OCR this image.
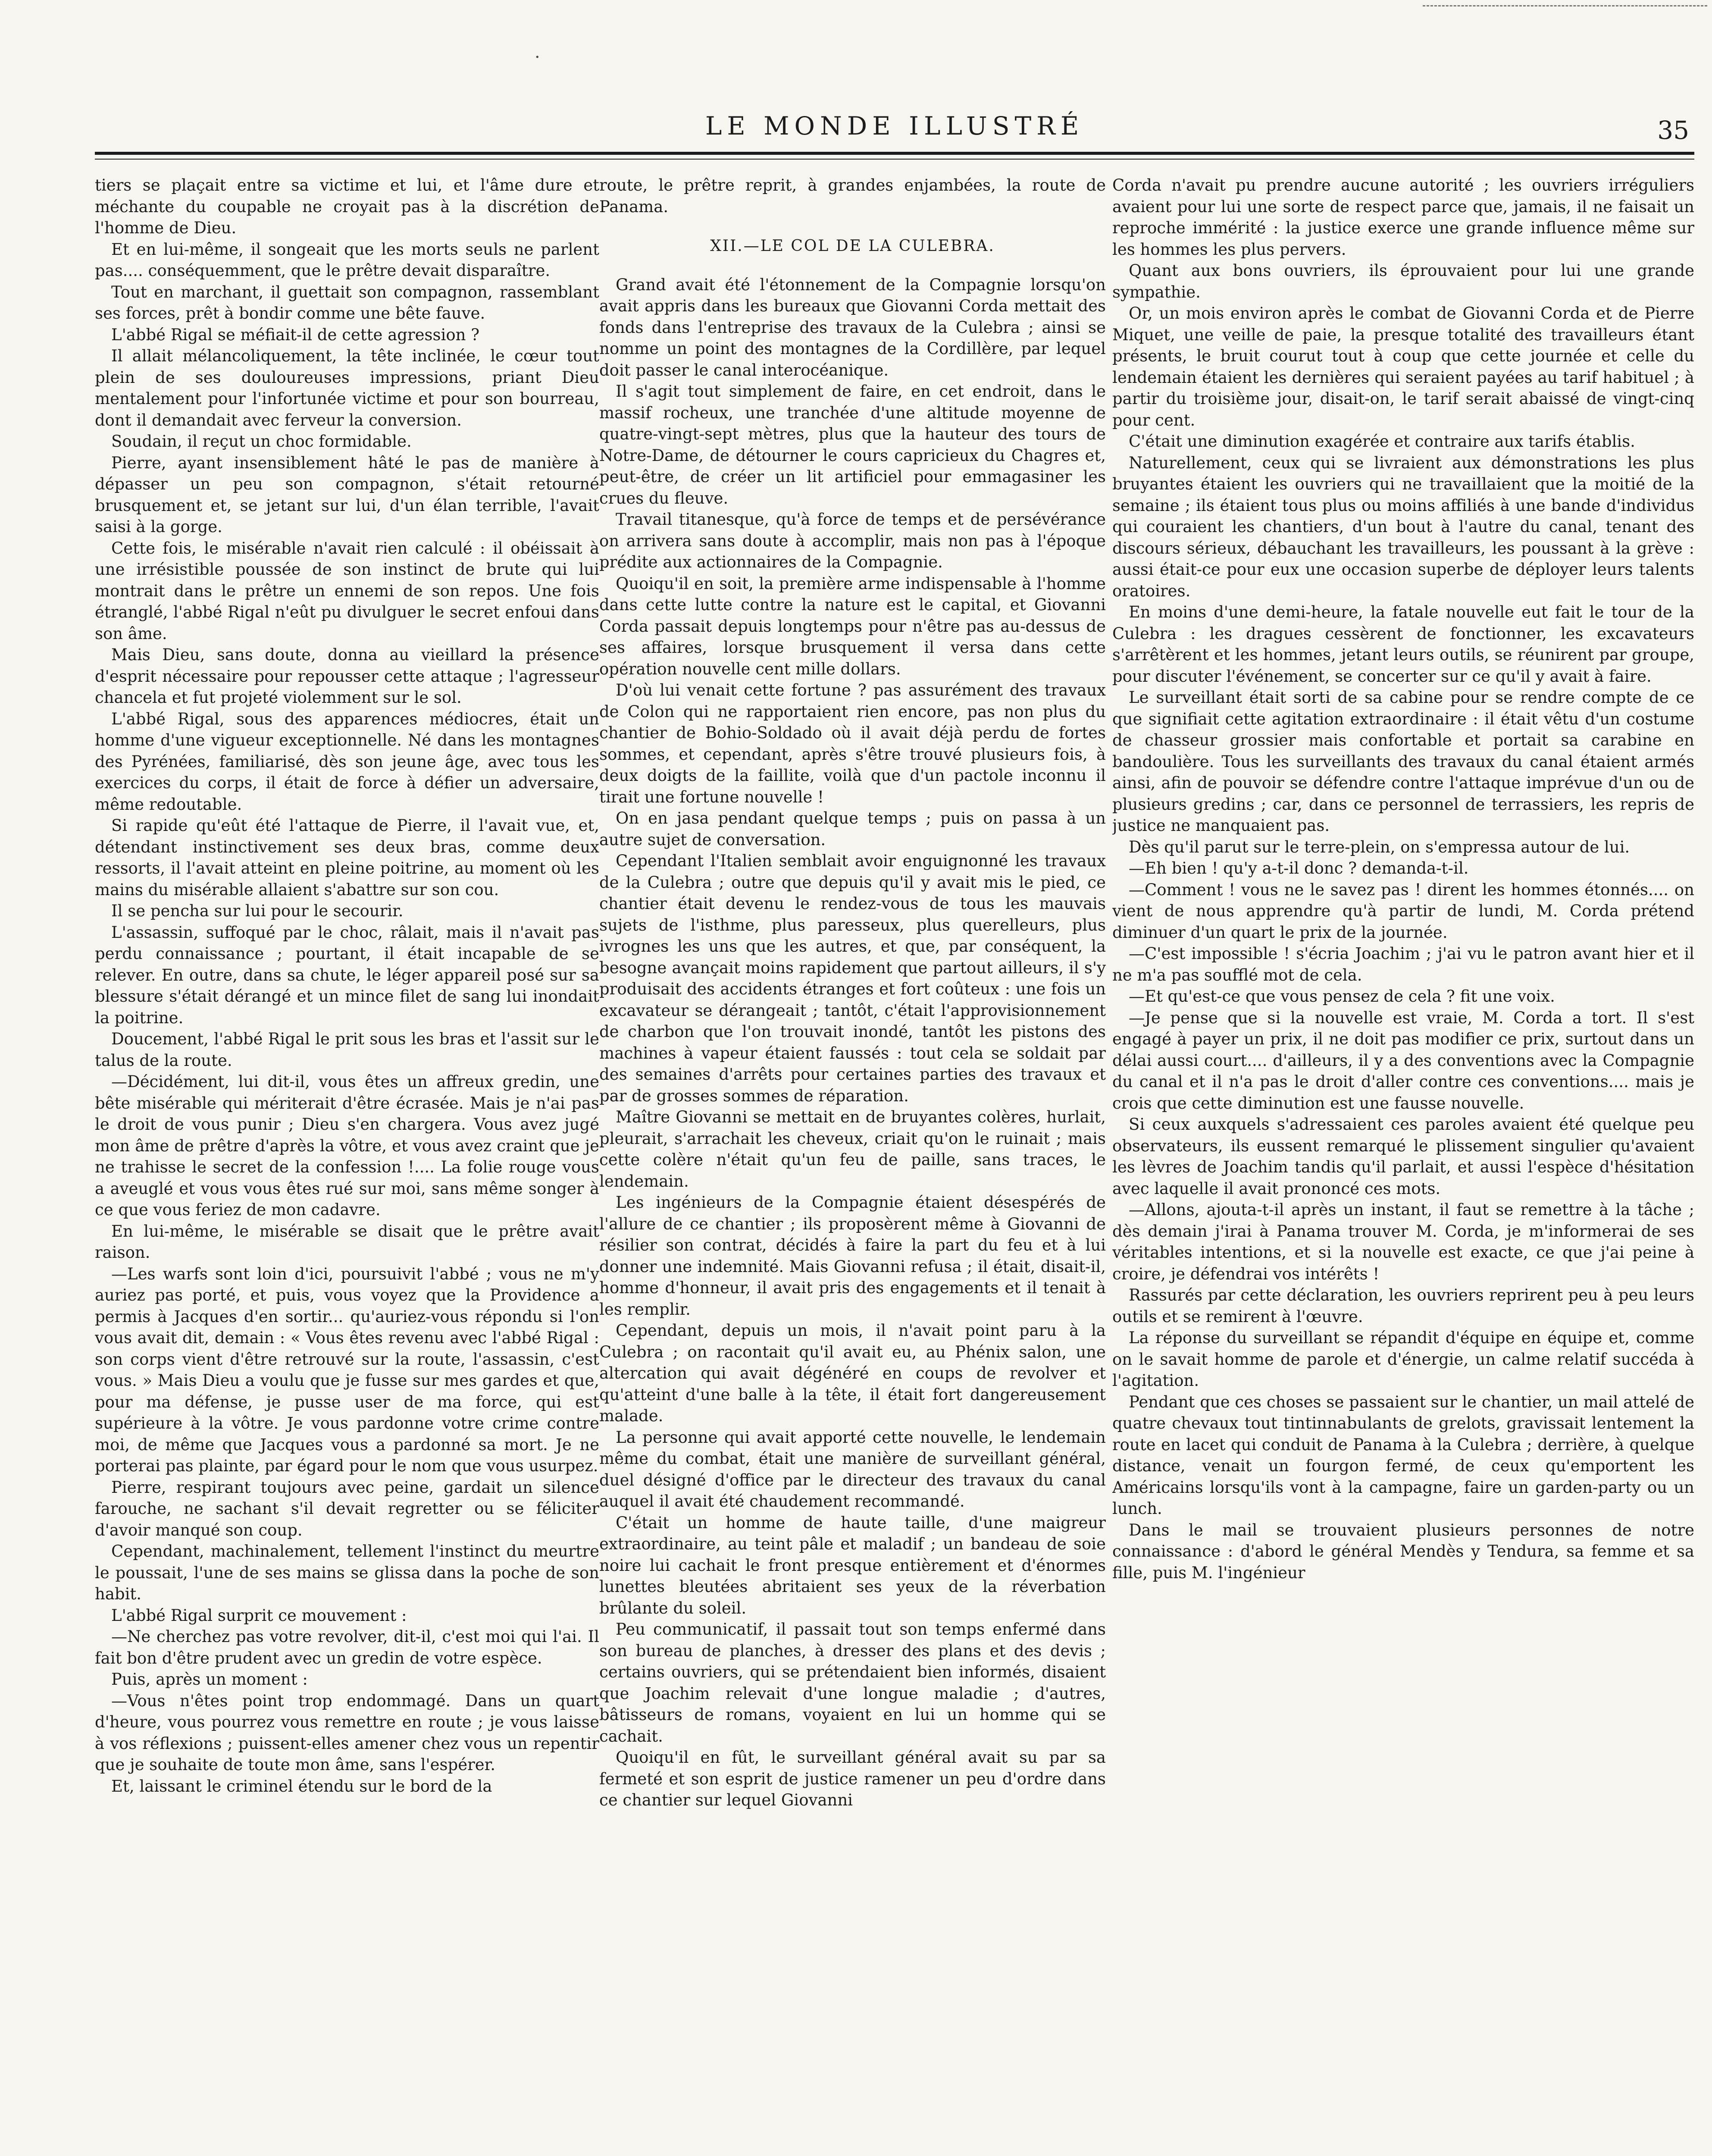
·
LE MONDE ILLUSTRÉ	35

tiers se plaçait entre sa victime et lui, et l'âme dure et méchante du coupable ne croyait pas à la discrétion de l'homme de Dieu.

Et en lui-même, il songeait que les morts seuls ne parlent pas.... conséquemment, que le prêtre devait disparaître.

Tout en marchant, il guettait son compagnon, rassemblant ses forces, prêt à bondir comme une bête fauve.

L'abbé Rigal se méfiait-il de cette agression ?

Il allait mélancoliquement, la tête inclinée, le cœur tout plein de ses douloureuses impressions, priant Dieu mentalement pour l'infortunée victime et pour son bourreau, dont il demandait avec ferveur la conversion.

Soudain, il reçut un choc formidable.

Pierre, ayant insensiblement hâté le pas de manière à dépasser un peu son compagnon, s'était retourné brusquement et, se jetant sur lui, d'un élan terrible, l'avait saisi à la gorge.

Cette fois, le misérable n'avait rien calculé : il obéissait à une irrésistible poussée de son instinct de brute qui lui montrait dans le prêtre un ennemi de son repos. Une fois étranglé, l'abbé Rigal n'eût pu divulguer le secret enfoui dans son âme.

Mais Dieu, sans doute, donna au vieillard la présence d'esprit nécessaire pour repousser cette attaque ; l'agresseur chancela et fut projeté violemment sur le sol.

L'abbé Rigal, sous des apparences médiocres, était un homme d'une vigueur exceptionnelle. Né dans les montagnes des Pyrénées, familiarisé, dès son jeune âge, avec tous les exercices du corps, il était de force à défier un adversaire, même redoutable.

Si rapide qu'eût été l'attaque de Pierre, il l'avait vue, et, détendant instinctivement ses deux bras, comme deux ressorts, il l'avait atteint en pleine poitrine, au moment où les mains du misérable allaient s'abattre sur son cou.

Il se pencha sur lui pour le secourir.

L'assassin, suffoqué par le choc, râlait, mais il n'avait pas perdu connaissance ; pourtant, il était incapable de se relever. En outre, dans sa chute, le léger appareil posé sur sa blessure s'était dérangé et un mince filet de sang lui inondait la poitrine.

Doucement, l'abbé Rigal le prit sous les bras et l'assit sur le talus de la route.

—Décidément, lui dit-il, vous êtes un affreux gredin, une bête misérable qui mériterait d'être écrasée. Mais je n'ai pas le droit de vous punir ; Dieu s'en chargera. Vous avez jugé mon âme de prêtre d'après la vôtre, et vous avez craint que je ne trahisse le secret de la confession !.... La folie rouge vous a aveuglé et vous vous êtes rué sur moi, sans même songer à ce que vous feriez de mon cadavre.

En lui-même, le misérable se disait que le prêtre avait raison.

—Les warfs sont loin d'ici, poursuivit l'abbé ; vous ne m'y auriez pas porté, et puis, vous voyez que la Providence a permis à Jacques d'en sortir... qu'auriez-vous répondu si l'on vous avait dit, demain : « Vous êtes revenu avec l'abbé Rigal : son corps vient d'être retrouvé sur la route, l'assassin, c'est vous. » Mais Dieu a voulu que je fusse sur mes gardes et que, pour ma défense, je pusse user de ma force, qui est supérieure à la vôtre. Je vous pardonne votre crime contre moi, de même que Jacques vous a pardonné sa mort. Je ne porterai pas plainte, par égard pour le nom que vous usurpez.

Pierre, respirant toujours avec peine, gardait un silence farouche, ne sachant s'il devait regretter ou se féliciter d'avoir manqué son coup.

Cependant, machinalement, tellement l'instinct du meurtre le poussait, l'une de ses mains se glissa dans la poche de son habit.

L'abbé Rigal surprit ce mouvement :

—Ne cherchez pas votre revolver, dit-il, c'est moi qui l'ai. Il fait bon d'être prudent avec un gredin de votre espèce.

Puis, après un moment :

—Vous n'êtes point trop endommagé. Dans un quart d'heure, vous pourrez vous remettre en route ; je vous laisse à vos réflexions ; puissent-elles amener chez vous un repentir que je souhaite de toute mon âme, sans l'espérer.

Et, laissant le criminel étendu sur le bord de la

route, le prêtre reprit, à grandes enjambées, la route de Panama.

XII.—LE COL DE LA CULEBRA.

Grand avait été l'étonnement de la Compagnie lorsqu'on avait appris dans les bureaux que Giovanni Corda mettait des fonds dans l'entreprise des travaux de la Culebra ; ainsi se nomme un point des montagnes de la Cordillère, par lequel doit passer le canal interocéanique.

Il s'agit tout simplement de faire, en cet endroit, dans le massif rocheux, une tranchée d'une altitude moyenne de quatre-vingt-sept mètres, plus que la hauteur des tours de Notre-Dame, de détourner le cours capricieux du Chagres et, peut-être, de créer un lit artificiel pour emmagasiner les crues du fleuve.

Travail titanesque, qu'à force de temps et de persévérance on arrivera sans doute à accomplir, mais non pas à l'époque prédite aux actionnaires de la Compagnie.

Quoiqu'il en soit, la première arme indispensable à l'homme dans cette lutte contre la nature est le capital, et Giovanni Corda passait depuis longtemps pour n'être pas au-dessus de ses affaires, lorsque brusquement il versa dans cette opération nouvelle cent mille dollars.

D'où lui venait cette fortune ? pas assurément des travaux de Colon qui ne rapportaient rien encore, pas non plus du chantier de Bohio-Soldado où il avait déjà perdu de fortes sommes, et cependant, après s'être trouvé plusieurs fois, à deux doigts de la faillite, voilà que d'un pactole inconnu il tirait une fortune nouvelle !

On en jasa pendant quelque temps ; puis on passa à un autre sujet de conversation.

Cependant l'Italien semblait avoir enguignonné les travaux de la Culebra ; outre que depuis qu'il y avait mis le pied, ce chantier était devenu le rendez-vous de tous les mauvais sujets de l'isthme, plus paresseux, plus querelleurs, plus ivrognes les uns que les autres, et que, par conséquent, la besogne avançait moins rapidement que partout ailleurs, il s'y produisait des accidents étranges et fort coûteux : une fois un excavateur se dérangeait ; tantôt, c'était l'approvisionnement de charbon que l'on trouvait inondé, tantôt les pistons des machines à vapeur étaient faussés : tout cela se soldait par des semaines d'arrêts pour certaines parties des travaux et par de grosses sommes de réparation.

Maître Giovanni se mettait en de bruyantes colères, hurlait, pleurait, s'arrachait les cheveux, criait qu'on le ruinait ; mais cette colère n'était qu'un feu de paille, sans traces, le lendemain.

Les ingénieurs de la Compagnie étaient désespérés de l'allure de ce chantier ; ils proposèrent même à Giovanni de résilier son contrat, décidés à faire la part du feu et à lui donner une indemnité. Mais Giovanni refusa ; il était, disait-il, homme d'honneur, il avait pris des engagements et il tenait à les remplir.

Cependant, depuis un mois, il n'avait point paru à la Culebra ; on racontait qu'il avait eu, au Phénix salon, une altercation qui avait dégénéré en coups de revolver et qu'atteint d'une balle à la tête, il était fort dangereusement malade.

La personne qui avait apporté cette nouvelle, le lendemain même du combat, était une manière de surveillant général, duel désigné d'office par le directeur des travaux du canal auquel il avait été chaudement recommandé.

C'était un homme de haute taille, d'une maigreur extraordinaire, au teint pâle et maladif ; un bandeau de soie noire lui cachait le front presque entièrement et d'énormes lunettes bleutées abritaient ses yeux de la réverbation brûlante du soleil.

Peu communicatif, il passait tout son temps enfermé dans son bureau de planches, à dresser des plans et des devis ; certains ouvriers, qui se prétendaient bien informés, disaient que Joachim relevait d'une longue maladie ; d'autres, bâtisseurs de romans, voyaient en lui un homme qui se cachait.

Quoiqu'il en fût, le surveillant général avait su par sa fermeté et son esprit de justice ramener un peu d'ordre dans ce chantier sur lequel Giovanni

Corda n'avait pu prendre aucune autorité ; les ouvriers irréguliers avaient pour lui une sorte de respect parce que, jamais, il ne faisait un reproche immérité : la justice exerce une grande influence même sur les hommes les plus pervers.

Quant aux bons ouvriers, ils éprouvaient pour lui une grande sympathie.

Or, un mois environ après le combat de Giovanni Corda et de Pierre Miquet, une veille de paie, la presque totalité des travailleurs étant présents, le bruit courut tout à coup que cette journée et celle du lendemain étaient les dernières qui seraient payées au tarif habituel ; à partir du troisième jour, disait-on, le tarif serait abaissé de vingt-cinq pour cent.

C'était une diminution exagérée et contraire aux tarifs établis.

Naturellement, ceux qui se livraient aux démonstrations les plus bruyantes étaient les ouvriers qui ne travaillaient que la moitié de la semaine ; ils étaient tous plus ou moins affiliés à une bande d'individus qui couraient les chantiers, d'un bout à l'autre du canal, tenant des discours sérieux, débauchant les travailleurs, les poussant à la grève : aussi était-ce pour eux une occasion superbe de déployer leurs talents oratoires.

En moins d'une demi-heure, la fatale nouvelle eut fait le tour de la Culebra : les dragues cessèrent de fonctionner, les excavateurs s'arrêtèrent et les hommes, jetant leurs outils, se réunirent par groupe, pour discuter l'événement, se concerter sur ce qu'il y avait à faire.

Le surveillant était sorti de sa cabine pour se rendre compte de ce que signifiait cette agitation extraordinaire : il était vêtu d'un costume de chasseur grossier mais confortable et portait sa carabine en bandoulière. Tous les surveillants des travaux du canal étaient armés ainsi, afin de pouvoir se défendre contre l'attaque imprévue d'un ou de plusieurs gredins ; car, dans ce personnel de terrassiers, les repris de justice ne manquaient pas.

Dès qu'il parut sur le terre-plein, on s'empressa autour de lui.

—Eh bien ! qu'y a-t-il donc ? demanda-t-il.

—Comment ! vous ne le savez pas ! dirent les hommes étonnés.... on vient de nous apprendre qu'à partir de lundi, M. Corda prétend diminuer d'un quart le prix de la journée.

—C'est impossible ! s'écria Joachim ; j'ai vu le patron avant hier et il ne m'a pas soufflé mot de cela.

—Et qu'est-ce que vous pensez de cela ? fit une voix.

—Je pense que si la nouvelle est vraie, M. Corda a tort. Il s'est engagé à payer un prix, il ne doit pas modifier ce prix, surtout dans un délai aussi court.... d'ailleurs, il y a des conventions avec la Compagnie du canal et il n'a pas le droit d'aller contre ces conventions.... mais je crois que cette diminution est une fausse nouvelle.

Si ceux auxquels s'adressaient ces paroles avaient été quelque peu observateurs, ils eussent remarqué le plissement singulier qu'avaient les lèvres de Joachim tandis qu'il parlait, et aussi l'espèce d'hésitation avec laquelle il avait prononcé ces mots.

—Allons, ajouta-t-il après un instant, il faut se remettre à la tâche ; dès demain j'irai à Panama trouver M. Corda, je m'informerai de ses véritables intentions, et si la nouvelle est exacte, ce que j'ai peine à croire, je défendrai vos intérêts !

Rassurés par cette déclaration, les ouvriers reprirent peu à peu leurs outils et se remirent à l'œuvre.

La réponse du surveillant se répandit d'équipe en équipe et, comme on le savait homme de parole et d'énergie, un calme relatif succéda à l'agitation.

Pendant que ces choses se passaient sur le chantier, un mail attelé de quatre chevaux tout tintinnabulants de grelots, gravissait lentement la route en lacet qui conduit de Panama à la Culebra ; derrière, à quelque distance, venait un fourgon fermé, de ceux qu'emportent les Américains lorsqu'ils vont à la campagne, faire un garden-party ou un lunch.

Dans le mail se trouvaient plusieurs personnes de notre connaissance : d'abord le général Mendès y Tendura, sa femme et sa fille, puis M. l'ingénieur
